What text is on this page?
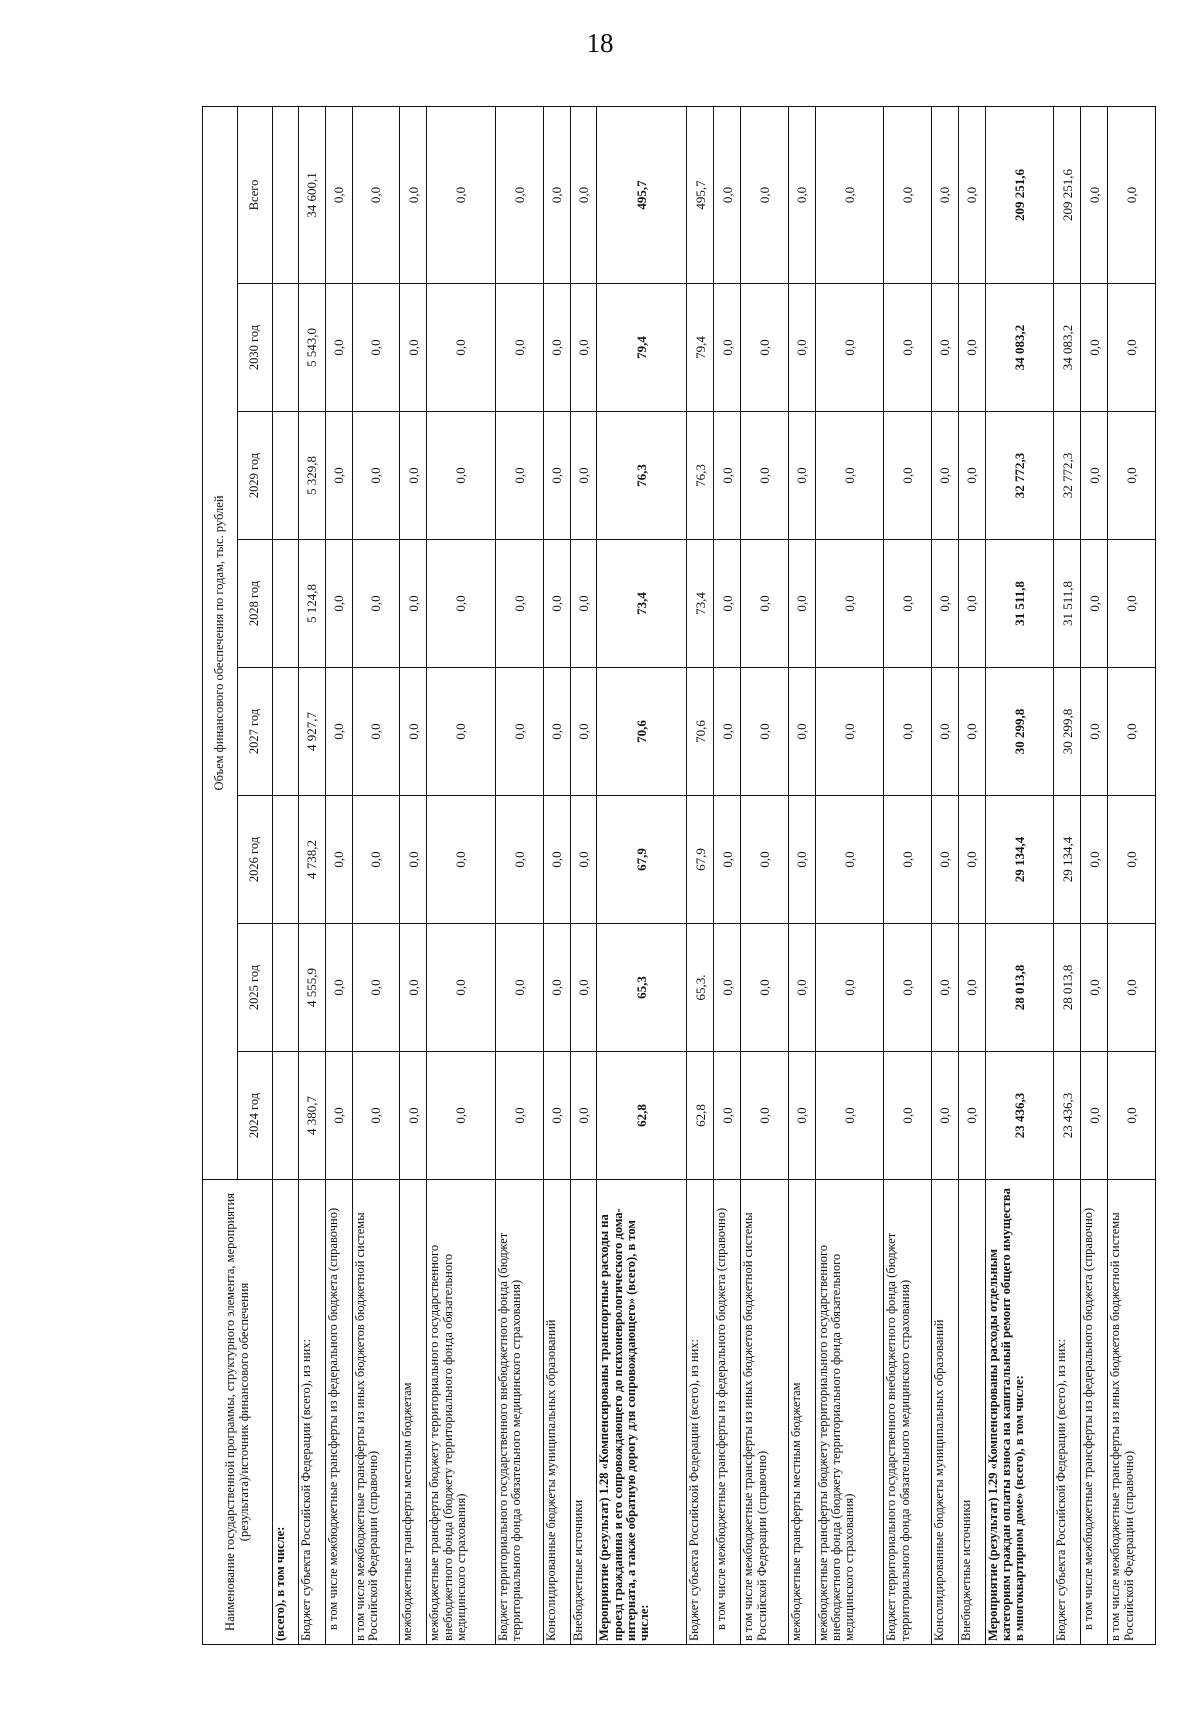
18
Наименование государственной программы, структурного элемента, мероприятия (результата)/источник финансового обеспечения	Объем финансового обеспечения по годам, тыс. рублей							
	2024 год	2025 год	2026 год	2027 год	2028 год	2029 год	2030 год	Всего
(всего), в том числе:								
Бюджет субъекта Российской Федерации (всего), из них:	4 380,7	4 555,9	4 738,2	4 927,7	5 124,8	5 329,8	5 543,0	34 600,1
в том числе межбюджетные трансферты из федерального бюджета (справочно)	0,0	0,0	0,0	0,0	0,0	0,0	0,0	0,0
в том числе межбюджетные трансферты из иных бюджетов бюджетной системы Российской Федерации (справочно)	0,0	0,0	0,0	0,0	0,0	0,0	0,0	0,0
межбюджетные трансферты местным бюджетам	0,0	0,0	0,0	0,0	0,0	0,0	0,0	0,0
межбюджетные трансферты бюджету территориального государственного внебюджетного фонда (бюджету территориального фонда обязательного медицинского страхования)	0,0	0,0	0,0	0,0	0,0	0,0	0,0	0,0
Бюджет территориального государственного внебюджетного фонда (бюджет территориального фонда обязательного медицинского страхования)	0,0	0,0	0,0	0,0	0,0	0,0	0,0	0,0
Консолидированные бюджеты муниципальных образований	0,0	0,0	0,0	0,0	0,0	0,0	0,0	0,0
Внебюджетные источники	0,0	0,0	0,0	0,0	0,0	0,0	0,0	0,0
Мероприятие (результат) 1.28 «Компенсированы транспортные расходы на проезд гражданина и его сопровождающего до психоневрологического дома-интерната, а также обратную дорогу для сопровождающего» (всего), в том числе:	62,8	65,3	67,9	70,6	73,4	76,3	79,4	495,7
Бюджет субъекта Российской Федерации (всего), из них:	62,8	65,3.	67,9	70,6	73,4	76,3	79,4	495,7
в том числе межбюджетные трансферты из федерального бюджета (справочно)	0,0	0,0	0,0	0,0	0,0	0,0	0,0	0,0
в том числе межбюджетные трансферты из иных бюджетов бюджетной системы Российской Федерации (справочно)	0,0	0,0	0,0	0,0	0,0	0,0	0,0	0,0
межбюджетные трансферты местным бюджетам	0,0	0,0	0,0	0,0	0,0	0,0	0,0	0,0
межбюджетные трансферты бюджету территориального государственного внебюджетного фонда (бюджету территориального фонда обязательного медицинского страхования)	0,0	0,0	0,0	0,0	0,0	0,0	0,0	0,0
Бюджет территориального государственного внебюджетного фонда (бюджет территориального фонда обязательного медицинского страхования)	0,0	0,0	0,0	0,0	0,0	0,0	0,0	0,0
Консолидированные бюджеты муниципальных образований	0,0	0,0	0,0	0,0	0,0	0,0	0,0	0,0
Внебюджетные источники	0,0	0,0	0,0	0,0	0,0	0,0	0,0	0,0
Мероприятие (результат) 1.29 «Компенсированы расходы отдельным категориям граждан оплаты взноса на капитальный ремонт общего имущества в многоквартирном доме» (всего), в том числе:	23 436,3	28 013,8	29 134,4	30 299,8	31 511,8	32 772,3	34 083,2	209 251,6
Бюджет субъекта Российской Федерации (всего), из них:	23 436,3	28 013,8	29 134,4	30 299,8	31 511,8	32 772,3	34 083,2	209 251,6
в том числе межбюджетные трансферты из федерального бюджета (справочно)	0,0	0,0	0,0	0,0	0,0	0,0	0,0	0,0
в том числе межбюджетные трансферты из иных бюджетов бюджетной системы Российской Федерации (справочно)	0,0	0,0	0,0	0,0	0,0	0,0	0,0	0,0
